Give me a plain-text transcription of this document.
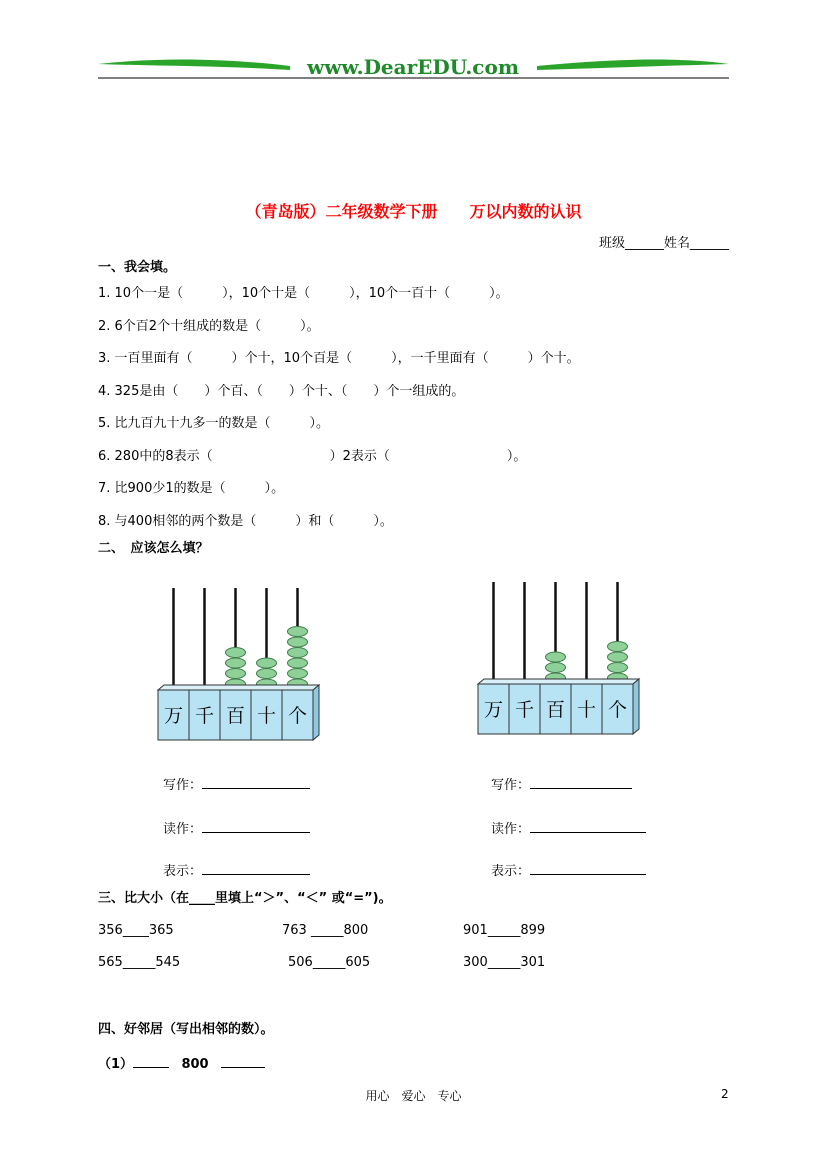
www.DearEDU.com
（青岛版）二年级数学下册　　万以内数的认识
班级______姓名______
一、我会填。
1. 10个一是（　　　），10个十是（　　　），10个一百十（　　　）。
2. 6个百2个十组成的数是（　　　）。
3. 一百里面有（　　　）个十，10个百是（　　　），一千里面有（　　　）个十。
4. 325是由（　　）个百、（　　）个十、（　　）个一组成的。
5. 比九百九十九多一的数是（　　　）。
6. 280中的8表示（　　　　　　　　　）2表示（　　　　　　　　　）。
7. 比900少1的数是（　　　）。
8. 与400相邻的两个数是（　　　）和（　　　）。
二、　应该怎么填？
万 千 百 十 个	万 千 百 十 个
写作：
读作：
表示：
写作：
读作：
表示：
三、比大小（在____里填上“＞”、“＜” 或“=”)。
356____365	763 _____800	901_____899
565_____545	506_____605	300_____301
四、好邻居（写出相邻的数）。
（1）	800
用心　爱心　专心	2
